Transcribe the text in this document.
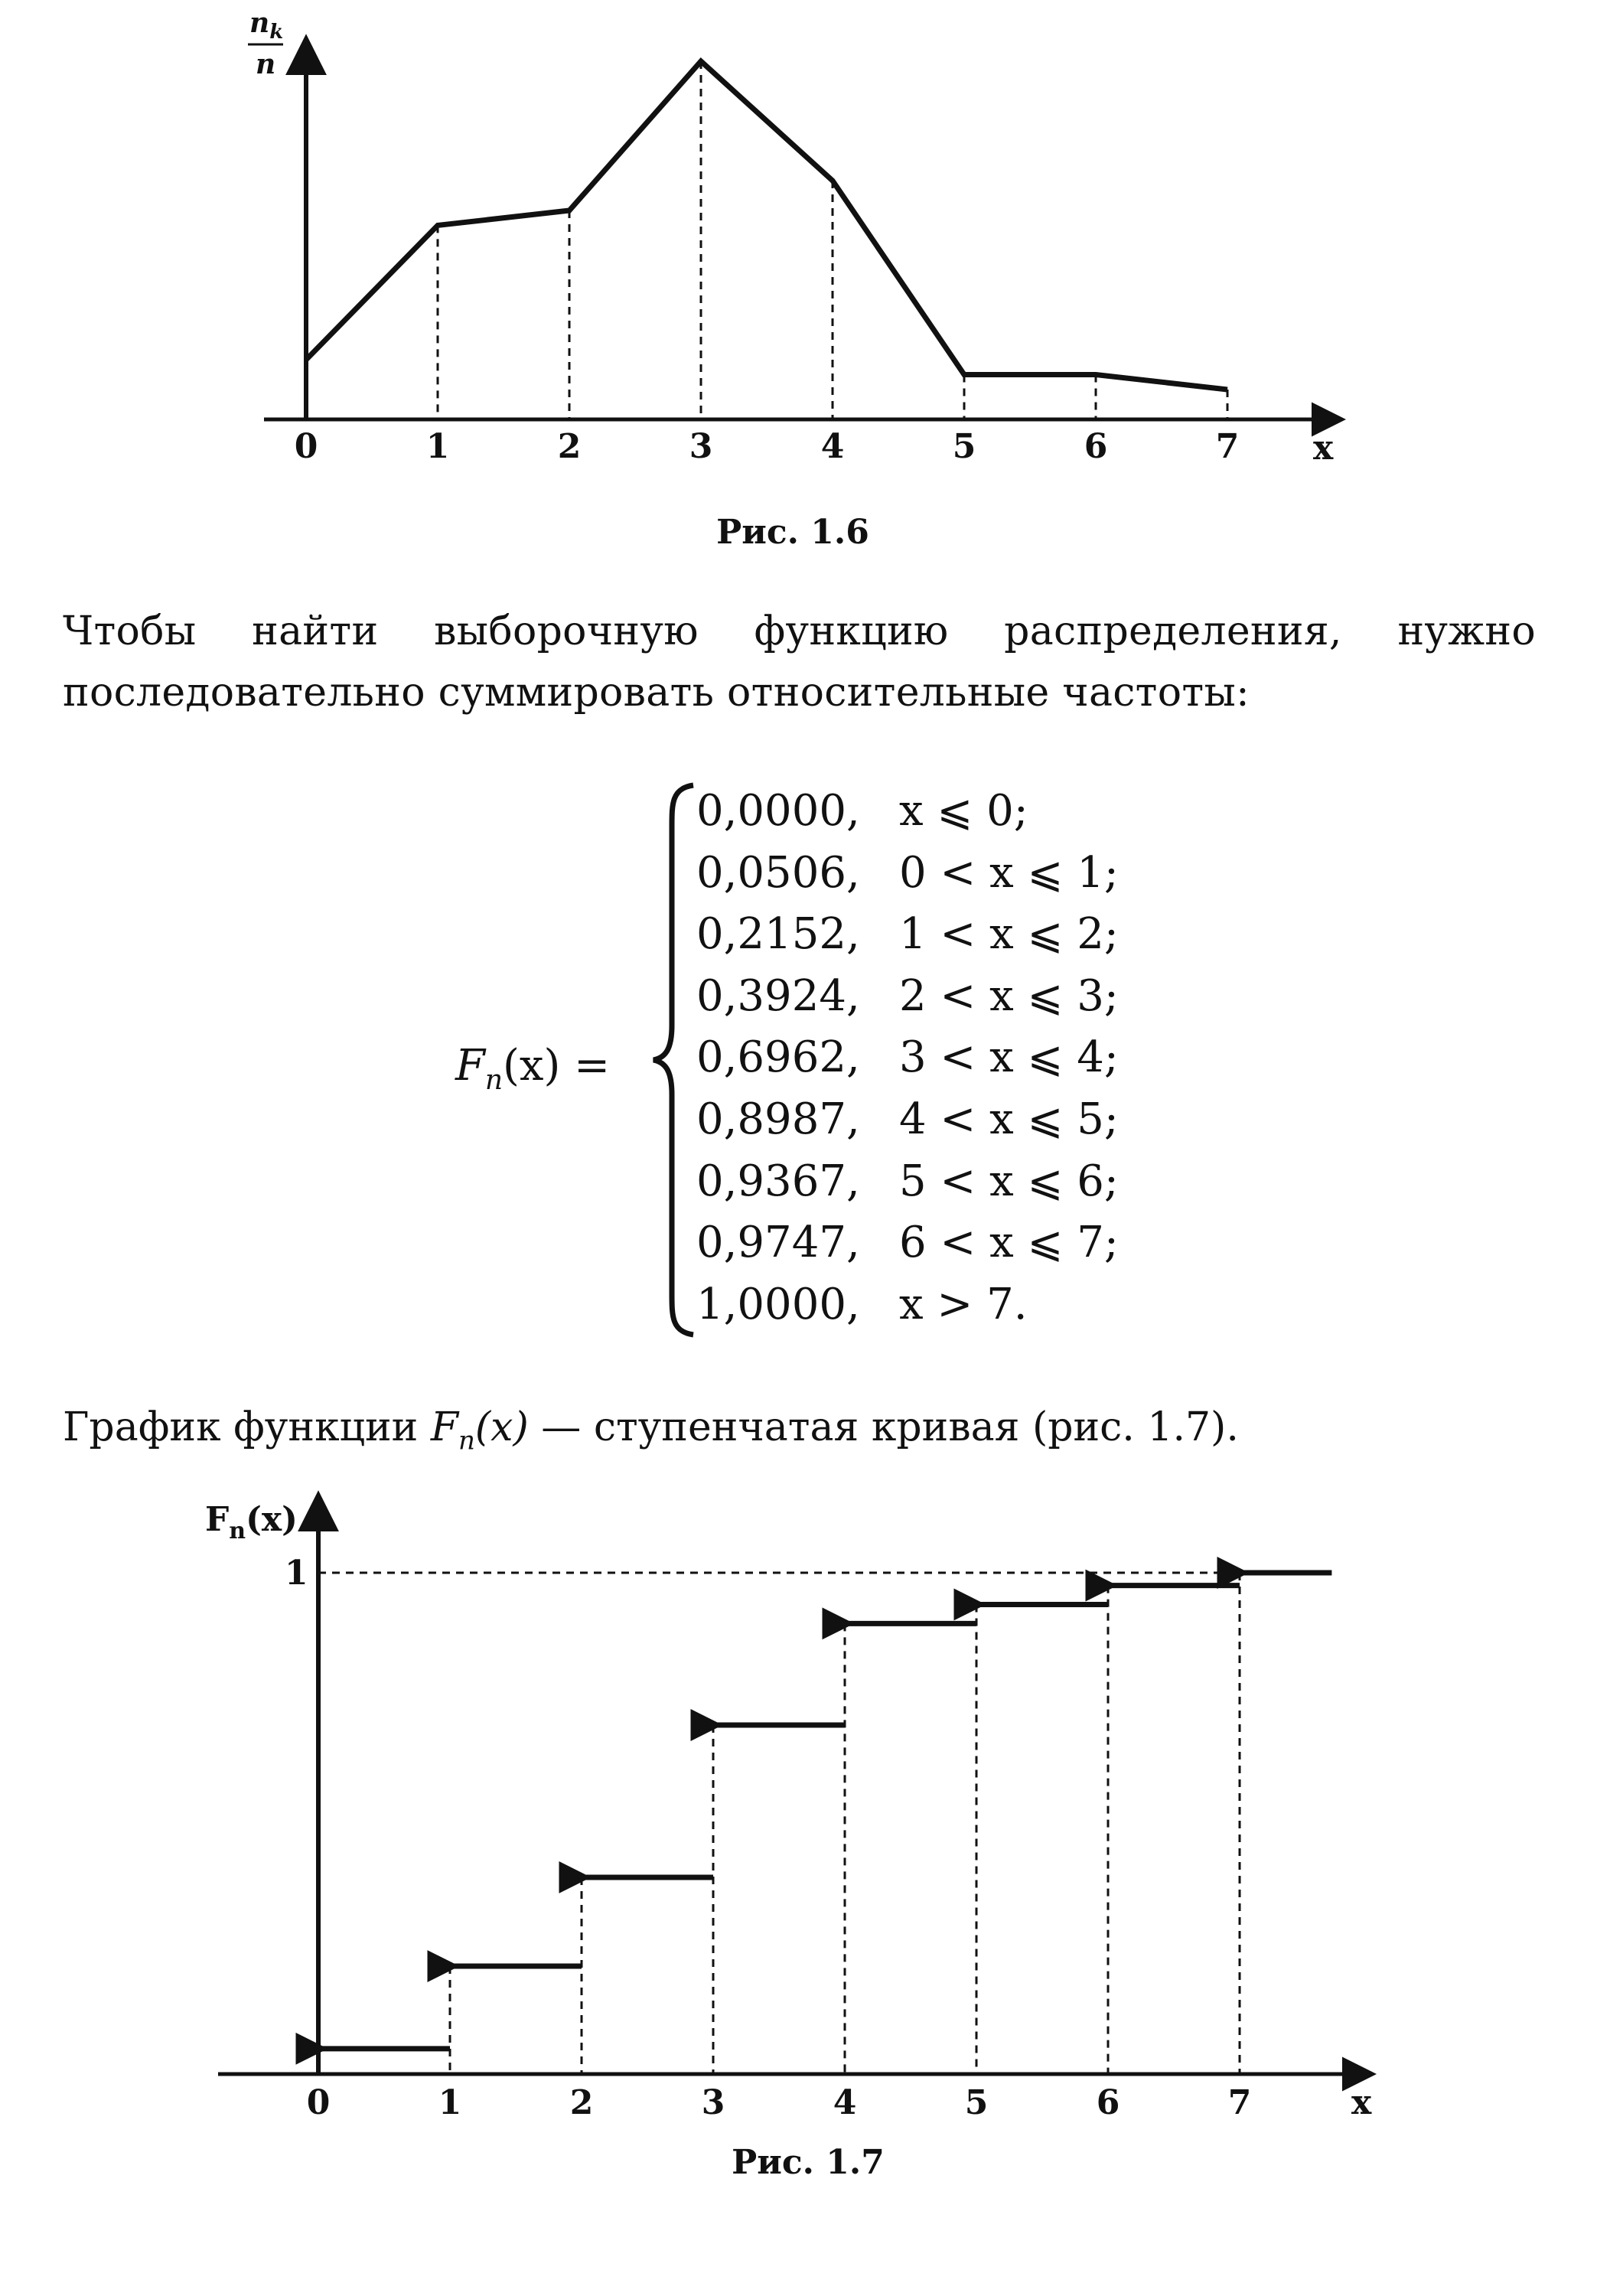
$n_k$
n
0	1	2	3	4	5	6	7 x
Рис. 1.6
Чтобы найти выборочную функцию распределения, нужно последовательно суммировать относительные частоты:
$F_n(x)$ =
0,0000, x ⩽ 0;
0,0506, 0 < x ⩽ 1;
0,2152, 1 < x ⩽ 2;
0,3924, 2 < x ⩽ 3;
0,6962, 3 < x ⩽ 4;
0,8987, 4 < x ⩽ 5;
0,9367, 5 < x ⩽ 6;
0,9747, 6 < x ⩽ 7;
1,0000, x > 7.
График функции $F_n(x)$ — ступенчатая кривая (рис. 1.7).
$F_n(x)$
1
0	1	2	3	4	5	6	7	x
Рис. 1.7
